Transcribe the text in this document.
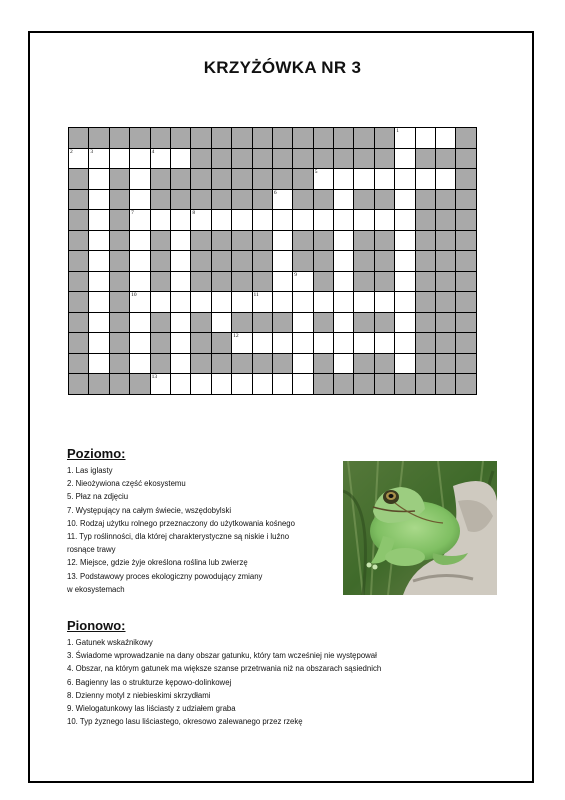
KRZYŻÓWKA NR 3
1
2	3	4
5
6
7	8
9
10	11
12
13
Poziomo:
1. Las iglasty
2. Nieożywiona część ekosystemu
5. Płaz na zdjęciu
7. Występujący na całym świecie, wszędobylski
10. Rodzaj użytku rolnego przeznaczony do użytkowania kośnego
11. Typ roślinności, dla której charakterystyczne są niskie i luźno
rosnące trawy
12. Miejsce, gdzie żyje określona roślina lub zwierzę
13. Podstawowy proces ekologiczny powodujący zmiany
w ekosystemach
Pionowo:
1. Gatunek wskaźnikowy
3. Świadome wprowadzanie na dany obszar gatunku, który tam wcześniej nie występował
4. Obszar, na którym gatunek ma większe szanse przetrwania niż na obszarach sąsiednich
6. Bagienny las o strukturze kępowo-dolinkowej
8. Dzienny motyl z niebieskimi skrzydłami
9. Wielogatunkowy las liściasty z udziałem graba
10. Typ żyznego lasu liściastego, okresowo zalewanego przez rzekę
